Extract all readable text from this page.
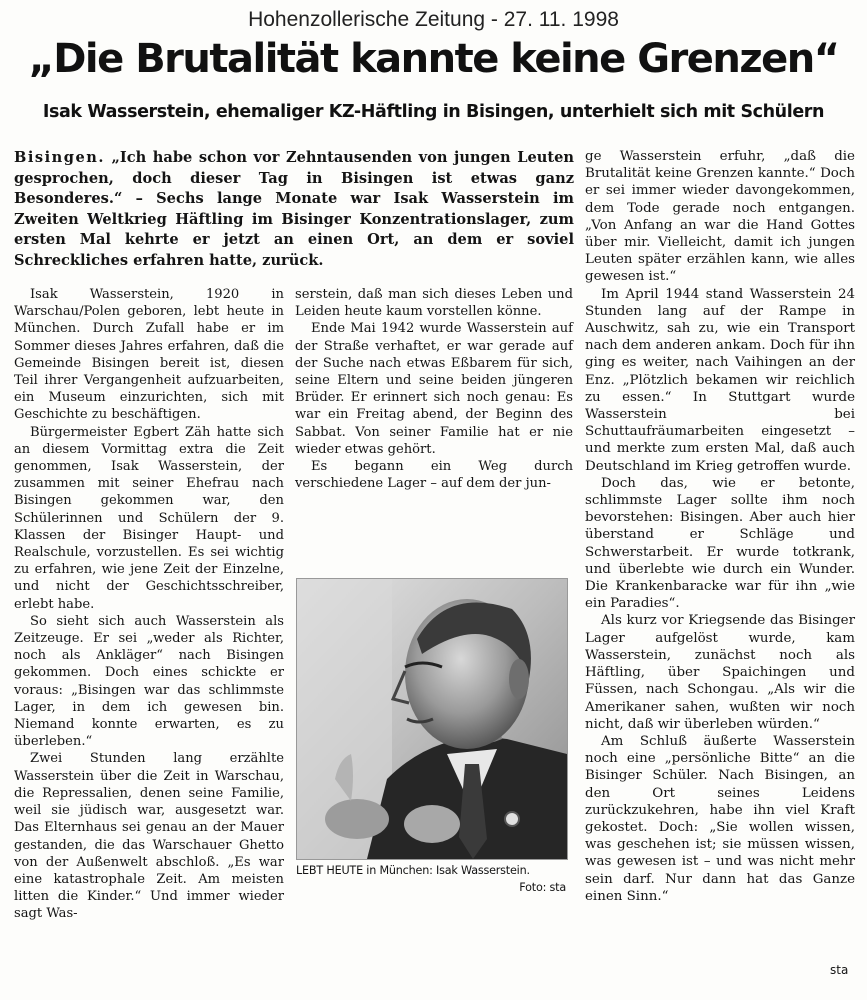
Hohenzollerische Zeitung - 27. 11. 1998
„Die Brutalität kannte keine Grenzen“
Isak Wasserstein, ehemaliger KZ-Häftling in Bisingen, unterhielt sich mit Schülern
Bisingen. „Ich habe schon vor Zehntausenden von jungen Leuten gesprochen, doch dieser Tag in Bisingen ist etwas ganz Besonderes.“ – Sechs lange Monate war Isak Wasserstein im Zweiten Weltkrieg Häftling im Bisinger Konzentrationslager, zum ersten Mal kehrte er jetzt an einen Ort, an dem er soviel Schreckliches erfahren hatte, zurück.

Isak Wasserstein, 1920 in Warschau/Polen geboren, lebt heute in München. Durch Zufall habe er im Sommer dieses Jahres erfahren, daß die Gemeinde Bisingen bereit ist, diesen Teil ihrer Vergangenheit aufzuarbeiten, ein Museum einzurichten, sich mit Geschichte zu beschäftigen.

Bürgermeister Egbert Zäh hatte sich an diesem Vormittag extra die Zeit genommen, Isak Wasserstein, der zusammen mit seiner Ehefrau nach Bisingen gekommen war, den Schülerinnen und Schülern der 9. Klassen der Bisinger Haupt- und Realschule, vorzustellen. Es sei wichtig zu erfahren, wie jene Zeit der Einzelne, und nicht der Geschichtsschreiber, erlebt habe.

So sieht sich auch Wasserstein als Zeitzeuge. Er sei „weder als Richter, noch als Ankläger“ nach Bisingen gekommen. Doch eines schickte er voraus: „Bisingen war das schlimmste Lager, in dem ich gewesen bin. Niemand konnte erwarten, es zu überleben.“

Zwei Stunden lang erzählte Wasserstein über die Zeit in Warschau, die Repressalien, denen seine Familie, weil sie jüdisch war, ausgesetzt war. Das Elternhaus sei genau an der Mauer gestanden, die das Warschauer Ghetto von der Außenwelt abschloß. „Es war eine katastrophale Zeit. Am meisten litten die Kinder.“ Und immer wieder sagt Was-

serstein, daß man sich dieses Leben und Leiden heute kaum vorstellen könne.

Ende Mai 1942 wurde Wasserstein auf der Straße verhaftet, er war gerade auf der Suche nach etwas Eßbarem für sich, seine Eltern und seine beiden jüngeren Brüder. Er erinnert sich noch genau: Es war ein Freitag abend, der Beginn des Sabbat. Von seiner Familie hat er nie wieder etwas gehört.

Es begann ein Weg durch verschiedene Lager – auf dem der jun-

ge Wasserstein erfuhr, „daß die Brutalität keine Grenzen kannte.“ Doch er sei immer wieder davongekommen, dem Tode gerade noch entgangen. „Von Anfang an war die Hand Gottes über mir. Vielleicht, damit ich jungen Leuten später erzählen kann, wie alles gewesen ist.“

Im April 1944 stand Wasserstein 24 Stunden lang auf der Rampe in Auschwitz, sah zu, wie ein Transport nach dem anderen ankam. Doch für ihn ging es weiter, nach Vaihingen an der Enz. „Plötzlich bekamen wir reichlich zu essen.“ In Stuttgart wurde Wasserstein bei Schuttaufräumarbeiten eingesetzt – und merkte zum ersten Mal, daß auch Deutschland im Krieg getroffen wurde.

Doch das, wie er betonte, schlimmste Lager sollte ihm noch bevorstehen: Bisingen. Aber auch hier überstand er Schläge und Schwerstarbeit. Er wurde totkrank, und überlebte wie durch ein Wunder. Die Krankenbaracke war für ihn „wie ein Paradies“.

Als kurz vor Kriegsende das Bisinger Lager aufgelöst wurde, kam Wasserstein, zunächst noch als Häftling, über Spaichingen und Füssen, nach Schongau. „Als wir die Amerikaner sahen, wußten wir noch nicht, daß wir überleben würden.“

Am Schluß äußerte Wasserstein noch eine „persönliche Bitte“ an die Bisinger Schüler. Nach Bisingen, an den Ort seines Leidens zurückzukehren, habe ihn viel Kraft gekostet. Doch: „Sie wollen wissen, was geschehen ist; sie müssen wissen, was gewesen ist – und was nicht mehr sein darf. Nur dann hat das Ganze einen Sinn.“

LEBT HEUTE in München: Isak Wasserstein.
Foto: sta
sta
